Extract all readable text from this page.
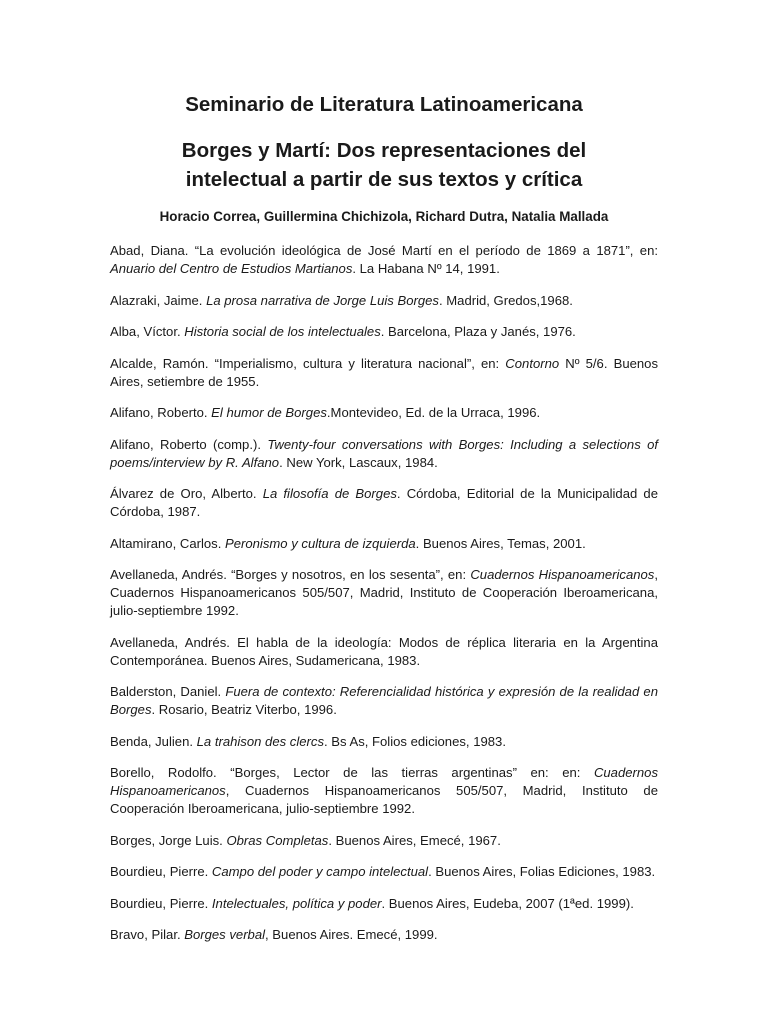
Seminario de Literatura Latinoamericana
Borges y Martí: Dos representaciones del
intelectual a partir de sus textos y crítica

Horacio Correa, Guillermina Chichizola, Richard Dutra, Natalia Mallada

Abad, Diana. “La evolución ideológica de José Martí en el período de 1869 a 1871”, en: Anuario del Centro de Estudios Martianos. La Habana Nº 14, 1991.
Alazraki, Jaime. La prosa narrativa de Jorge Luis Borges. Madrid, Gredos,1968.
Alba, Víctor. Historia social de los intelectuales. Barcelona, Plaza y Janés, 1976.
Alcalde, Ramón. “Imperialismo, cultura y literatura nacional”, en: Contorno Nº 5/6. Buenos Aires, setiembre de 1955.
Alifano, Roberto. El humor de Borges.Montevideo, Ed. de la Urraca, 1996.
Alifano, Roberto (comp.). Twenty-four conversations with Borges: Including a selections of poems/interview by R. Alfano. New York, Lascaux, 1984.
Álvarez de Oro, Alberto. La filosofía de Borges. Córdoba, Editorial de la Municipalidad de Córdoba, 1987.
Altamirano, Carlos. Peronismo y cultura de izquierda. Buenos Aires, Temas, 2001.
Avellaneda, Andrés. “Borges y nosotros, en los sesenta”, en: Cuadernos Hispanoamericanos, Cuadernos Hispanoamericanos 505/507, Madrid, Instituto de Cooperación Iberoamericana, julio-septiembre 1992.
Avellaneda, Andrés. El habla de la ideología: Modos de réplica literaria en la Argentina Contemporánea. Buenos Aires, Sudamericana, 1983.
Balderston, Daniel. Fuera de contexto: Referencialidad histórica y expresión de la realidad en Borges. Rosario, Beatriz Viterbo, 1996.
Benda, Julien. La trahison des clercs. Bs As, Folios ediciones, 1983.
Borello, Rodolfo. “Borges, Lector de las tierras argentinas” en: en: Cuadernos Hispanoamericanos, Cuadernos Hispanoamericanos 505/507, Madrid, Instituto de Cooperación Iberoamericana, julio-septiembre 1992.
Borges, Jorge Luis. Obras Completas. Buenos Aires, Emecé, 1967.
Bourdieu, Pierre. Campo del poder y campo intelectual. Buenos Aires, Folias Ediciones, 1983.
Bourdieu, Pierre. Intelectuales, política y poder. Buenos Aires, Eudeba, 2007 (1ªed. 1999).
Bravo, Pilar. Borges verbal, Buenos Aires. Emecé, 1999.
